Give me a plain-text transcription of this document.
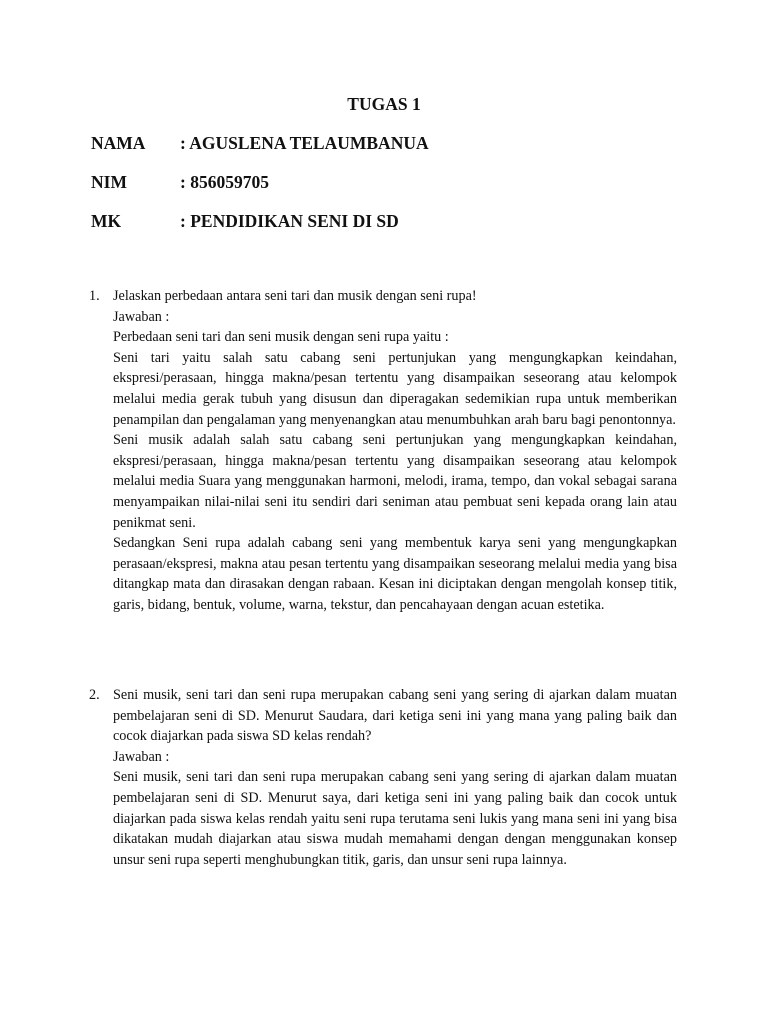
TUGAS 1
NAMA : AGUSLENA TELAUMBANUA
NIM	: 856059705
MK	: PENDIDIKAN SENI DI SD
1. Jelaskan perbedaan antara seni tari dan musik dengan seni rupa!

Jawaban :

Perbedaan seni tari dan seni musik dengan seni rupa yaitu :

Seni tari yaitu salah satu cabang seni pertunjukan yang mengungkapkan keindahan, ekspresi/perasaan, hingga makna/pesan tertentu yang disampaikan seseorang atau kelompok melalui media gerak tubuh yang disusun dan diperagakan sedemikian rupa untuk memberikan penampilan dan pengalaman yang menyenangkan atau menumbuhkan arah baru bagi penontonnya.

Seni musik adalah salah satu cabang seni pertunjukan yang mengungkapkan keindahan, ekspresi/perasaan, hingga makna/pesan tertentu yang disampaikan seseorang atau kelompok melalui media Suara yang menggunakan harmoni, melodi, irama, tempo, dan vokal sebagai sarana menyampaikan nilai-nilai seni itu sendiri dari seniman atau pembuat seni kepada orang lain atau penikmat seni.

Sedangkan Seni rupa adalah cabang seni yang membentuk karya seni yang mengungkapkan perasaan/ekspresi, makna atau pesan tertentu yang disampaikan seseorang melalui media yang bisa ditangkap mata dan dirasakan dengan rabaan. Kesan ini diciptakan dengan mengolah konsep titik, garis, bidang, bentuk, volume, warna, tekstur, dan pencahayaan dengan acuan estetika.

2. Seni musik, seni tari dan seni rupa merupakan cabang seni yang sering di ajarkan dalam muatan pembelajaran seni di SD. Menurut Saudara, dari ketiga seni ini yang mana yang paling baik dan cocok diajarkan pada siswa SD kelas rendah?

Jawaban :

Seni musik, seni tari dan seni rupa merupakan cabang seni yang sering di ajarkan dalam muatan pembelajaran seni di SD. Menurut saya, dari ketiga seni ini yang paling baik dan cocok untuk diajarkan pada siswa kelas rendah yaitu seni rupa terutama seni lukis yang mana seni ini yang bisa dikatakan mudah diajarkan atau siswa mudah memahami dengan dengan menggunakan konsep unsur seni rupa seperti menghubungkan titik, garis, dan unsur seni rupa lainnya.
